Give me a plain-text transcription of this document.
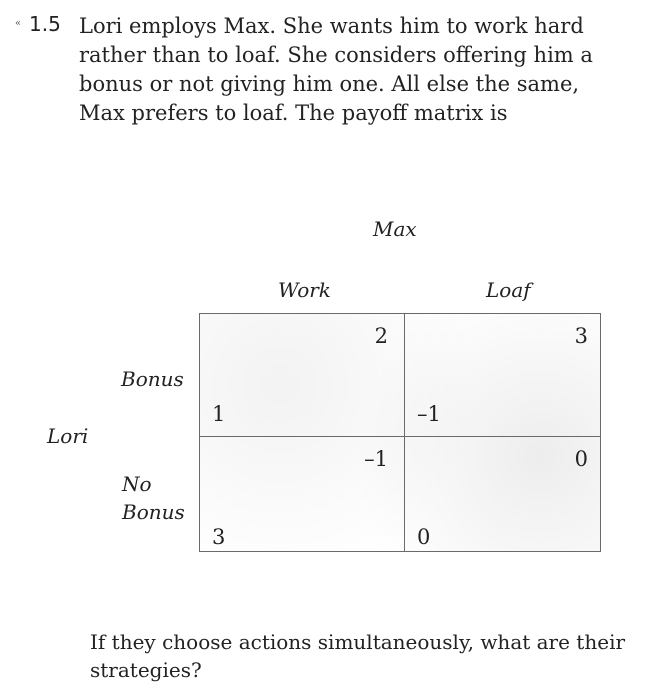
« 1.5 Lori employs Max. She wants him to work hard rather than to loaf. She considers offering him a bonus or not giving him one. All else the same, Max prefers to loaf. The payoff matrix is
Max
Work	Loaf
Lori
Bonus
No Bonus
2
1
3
–1
–1
3
0
0
If they choose actions simultaneously, what are their strategies?
